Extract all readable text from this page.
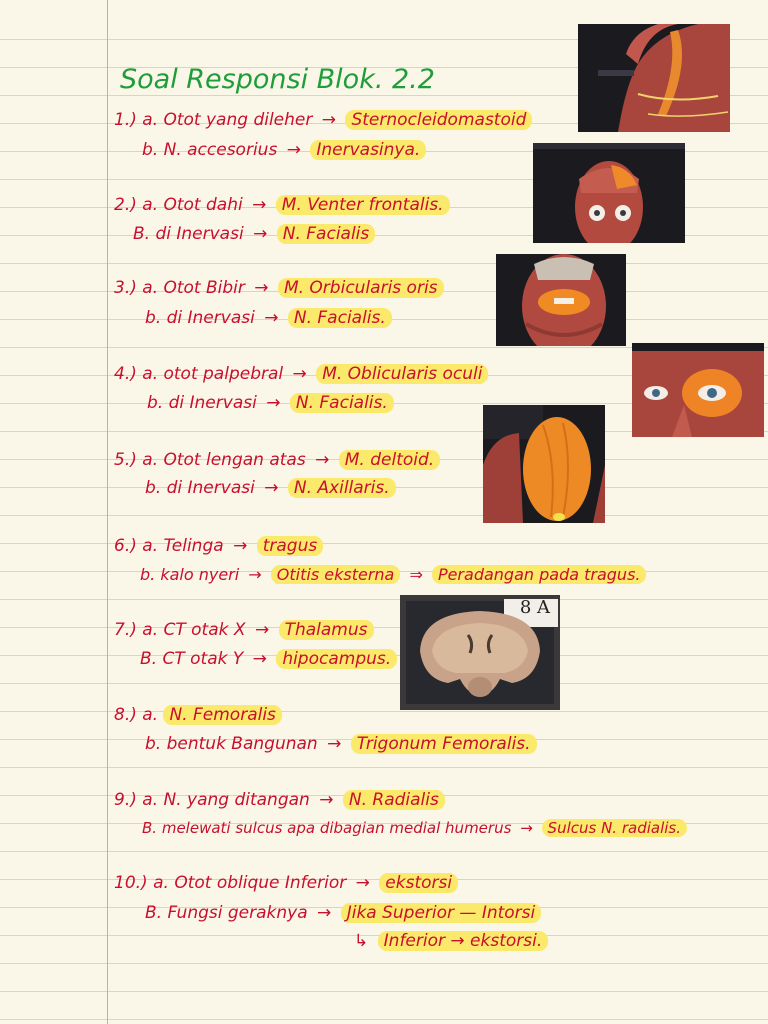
Soal Responsi Blok. 2.2
1.) a. Otot yang dileher → Sternocleidomastoid
b. N. accesorius → Inervasinya.
2.) a. Otot dahi → M. Venter frontalis.
B. di Inervasi → N. Facialis
3.) a. Otot Bibir → M. Orbicularis oris
b. di Inervasi → N. Facialis.
4.) a. otot palpebral → M. Oblicularis oculi
b. di Inervasi → N. Facialis.
5.) a. Otot lengan atas → M. deltoid.
b. di Inervasi → N. Axillaris.
6.) a. Telinga → tragus
b. kalo nyeri → Otitis eksterna ⇒ Peradangan pada tragus.
7.) a. CT otak X → Thalamus
B. CT otak Y → hipocampus.
8.) a. N. Femoralis
b. bentuk Bangunan → Trigonum Femoralis.
9.) a. N. yang ditangan → N. Radialis
B. melewati sulcus apa dibagian medial humerus → Sulcus N. radialis.
10.) a. Otot oblique Inferior → ekstorsi
B. Fungsi geraknya → Jika Superior — Intorsi
↳ Inferior → ekstorsi.
8 A
